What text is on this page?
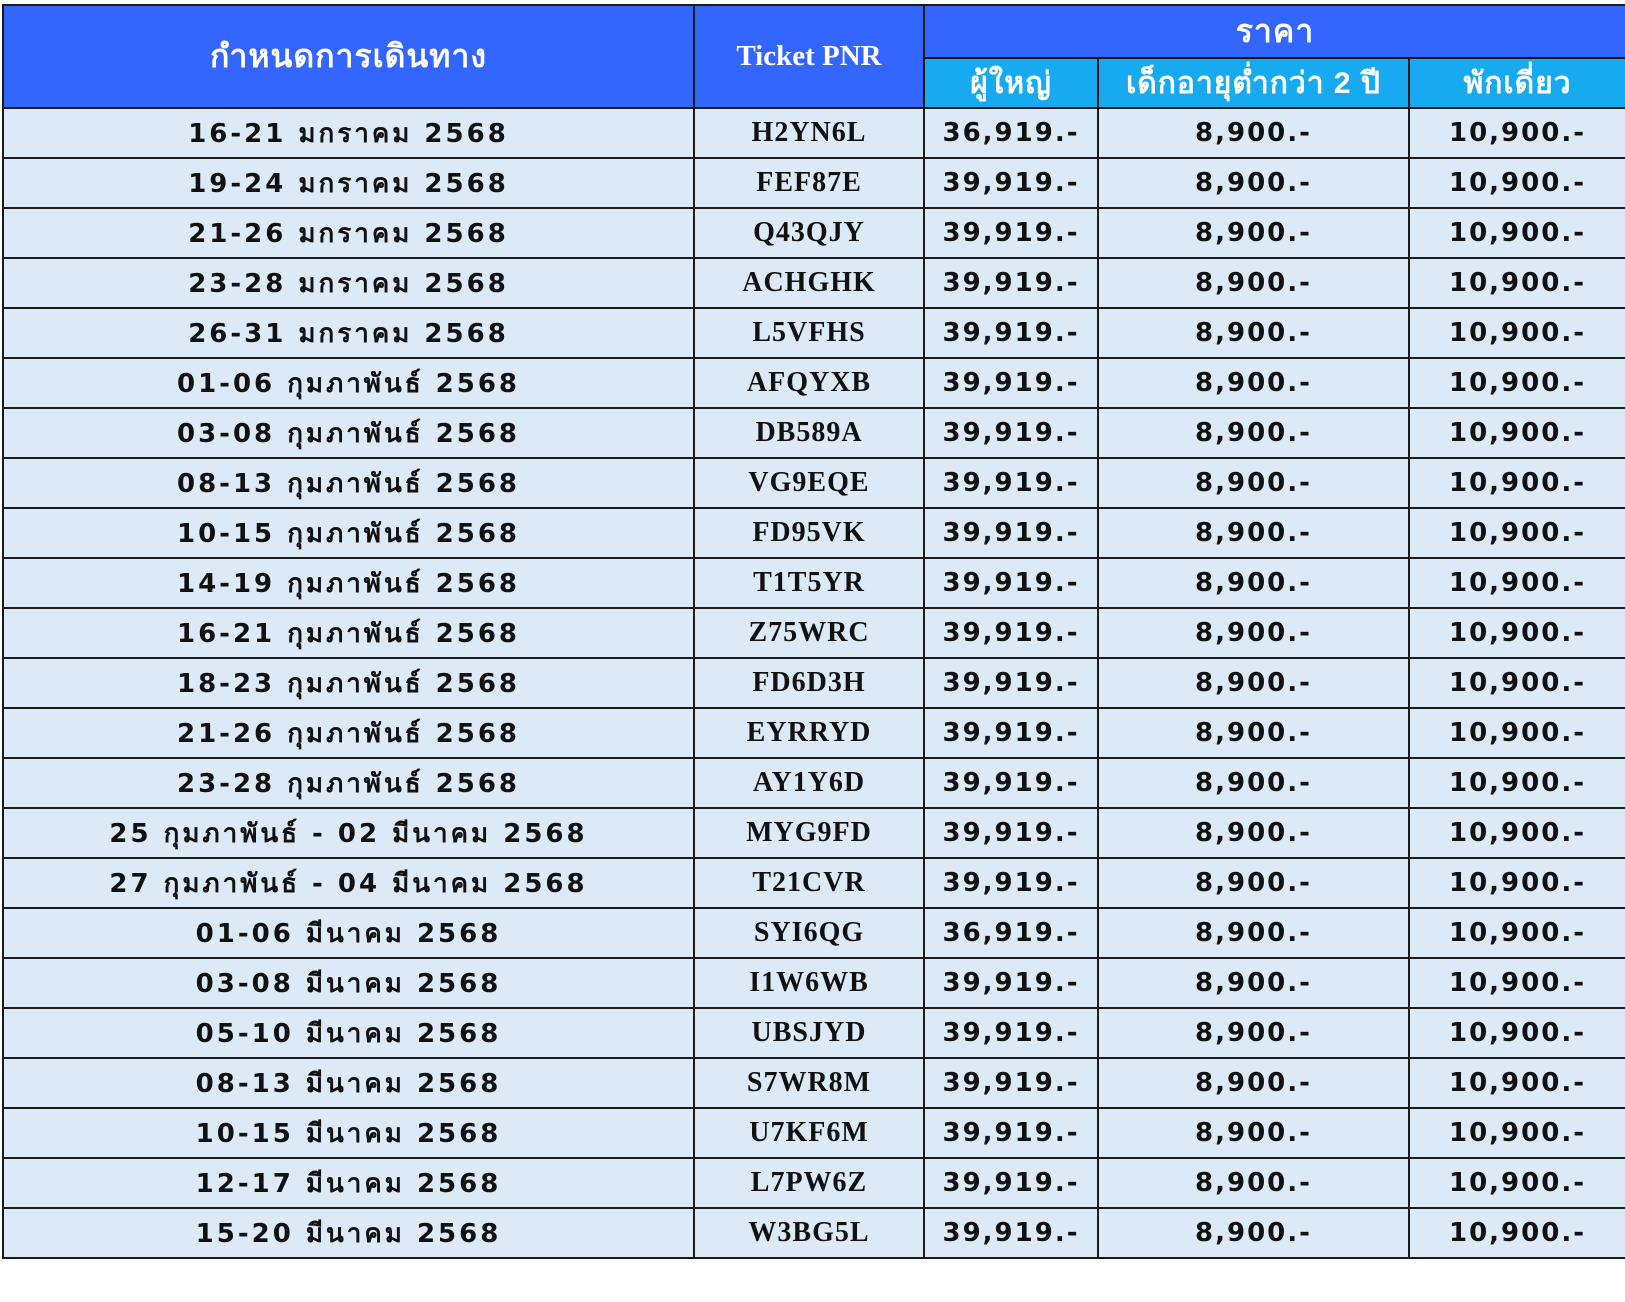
กำหนดการเดินทาง	Ticket PNR	ราคา		
		ผู้ใหญ่	เด็กอายุต่ำกว่า 2 ปี	พักเดี่ยว
16-21 มกราคม 2568	H2YN6L	36,919.-	8,900.-	10,900.-
19-24 มกราคม 2568	FEF87E	39,919.-	8,900.-	10,900.-
21-26 มกราคม 2568	Q43QJY	39,919.-	8,900.-	10,900.-
23-28 มกราคม 2568	ACHGHK	39,919.-	8,900.-	10,900.-
26-31 มกราคม 2568	L5VFHS	39,919.-	8,900.-	10,900.-
01-06 กุมภาพันธ์ 2568	AFQYXB	39,919.-	8,900.-	10,900.-
03-08 กุมภาพันธ์ 2568	DB589A	39,919.-	8,900.-	10,900.-
08-13 กุมภาพันธ์ 2568	VG9EQE	39,919.-	8,900.-	10,900.-
10-15 กุมภาพันธ์ 2568	FD95VK	39,919.-	8,900.-	10,900.-
14-19 กุมภาพันธ์ 2568	T1T5YR	39,919.-	8,900.-	10,900.-
16-21 กุมภาพันธ์ 2568	Z75WRC	39,919.-	8,900.-	10,900.-
18-23 กุมภาพันธ์ 2568	FD6D3H	39,919.-	8,900.-	10,900.-
21-26 กุมภาพันธ์ 2568	EYRRYD	39,919.-	8,900.-	10,900.-
23-28 กุมภาพันธ์ 2568	AY1Y6D	39,919.-	8,900.-	10,900.-
25 กุมภาพันธ์ - 02 มีนาคม 2568	MYG9FD	39,919.-	8,900.-	10,900.-
27 กุมภาพันธ์ - 04 มีนาคม 2568	T21CVR	39,919.-	8,900.-	10,900.-
01-06 มีนาคม 2568	SYI6QG	36,919.-	8,900.-	10,900.-
03-08 มีนาคม 2568	I1W6WB	39,919.-	8,900.-	10,900.-
05-10 มีนาคม 2568	UBSJYD	39,919.-	8,900.-	10,900.-
08-13 มีนาคม 2568	S7WR8M	39,919.-	8,900.-	10,900.-
10-15 มีนาคม 2568	U7KF6M	39,919.-	8,900.-	10,900.-
12-17 มีนาคม 2568	L7PW6Z	39,919.-	8,900.-	10,900.-
15-20 มีนาคม 2568	W3BG5L	39,919.-	8,900.-	10,900.-
